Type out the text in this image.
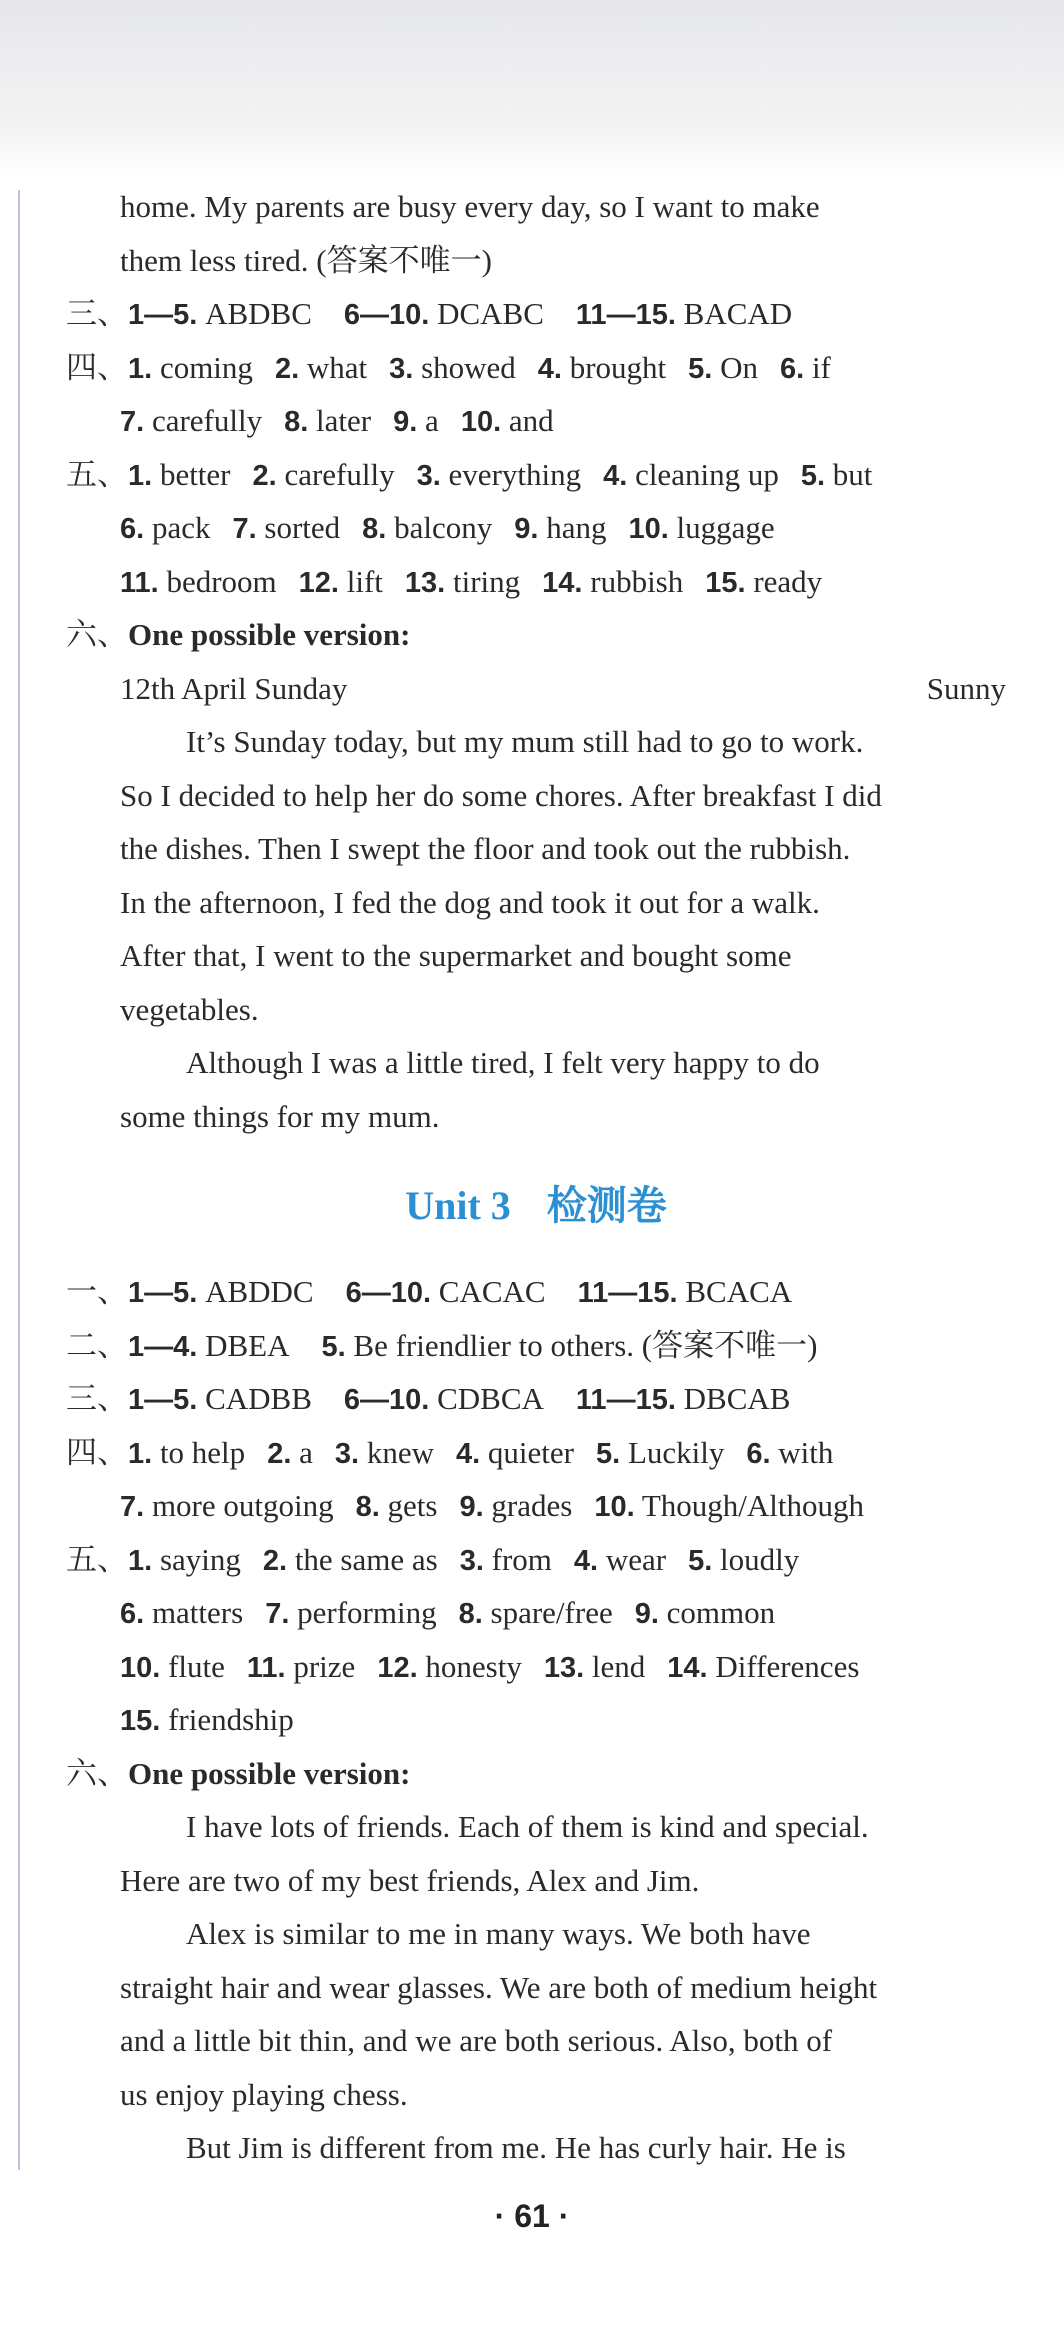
home. My parents are busy every day, so I want to make
them less tired. (答案不唯一)
三、1—5. ABDBC 6—10. DCABC 11—15. BACAD
四、1. coming 2. what 3. showed 4. brought 5. On 6. if
7. carefully 8. later 9. a 10. and
五、1. better 2. carefully 3. everything 4. cleaning up 5. but
6. pack 7. sorted 8. balcony 9. hang 10. luggage
11. bedroom 12. lift 13. tiring 14. rubbish 15. ready
六、One possible version:
12th April Sunday	Sunny
It’s Sunday today, but my mum still had to go to work.
So I decided to help her do some chores. After breakfast I did
the dishes. Then I swept the floor and took out the rubbish.
In the afternoon, I fed the dog and took it out for a walk.
After that, I went to the supermarket and bought some
vegetables.
Although I was a little tired, I felt very happy to do
some things for my mum.
Unit 3 检测卷
一、1—5. ABDDC 6—10. CACAC 11—15. BCACA
二、1—4. DBEA 5. Be friendlier to others. (答案不唯一)
三、1—5. CADBB 6—10. CDBCA 11—15. DBCAB
四、1. to help 2. a 3. knew 4. quieter 5. Luckily 6. with
7. more outgoing 8. gets 9. grades 10. Though/Although
五、1. saying 2. the same as 3. from 4. wear 5. loudly
6. matters 7. performing 8. spare/free 9. common
10. flute 11. prize 12. honesty 13. lend 14. Differences
15. friendship
六、One possible version:
I have lots of friends. Each of them is kind and special.
Here are two of my best friends, Alex and Jim.
Alex is similar to me in many ways. We both have
straight hair and wear glasses. We are both of medium height
and a little bit thin, and we are both serious. Also, both of
us enjoy playing chess.
But Jim is different from me. He has curly hair. He is
· 61 ·
